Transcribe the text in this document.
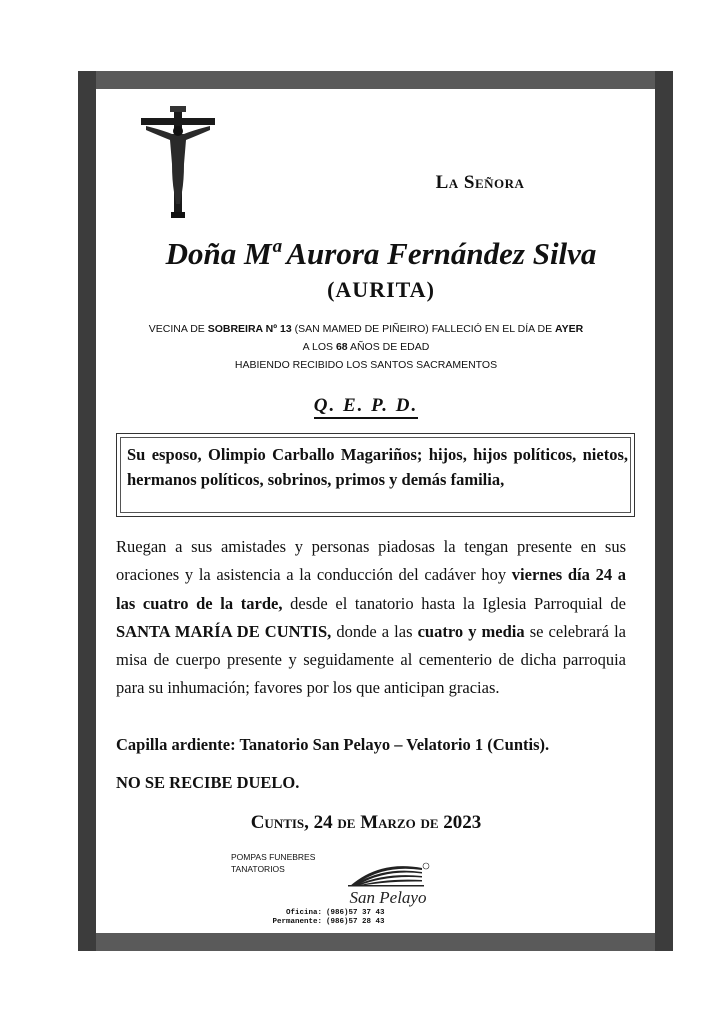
La Señora
Doña Mª Aurora Fernández Silva
(AURITA)
VECINA DE SOBREIRA Nº 13 (SAN MAMED DE PIÑEIRO) FALLECIÓ EN EL DÍA DE AYER
A LOS 68 AÑOS DE EDAD
HABIENDO RECIBIDO LOS SANTOS SACRAMENTOS
Q. E. P. D.
Su esposo, Olimpio Carballo Magariños; hijos, hijos políticos, nietos, hermanos políticos, sobrinos, primos y demás familia,
Ruegan a sus amistades y personas piadosas la tengan presente en sus oraciones y la asistencia a la conducción del cadáver hoy viernes día 24 a las cuatro de la tarde, desde el tanatorio hasta la Iglesia Parroquial de SANTA MARÍA DE CUNTIS, donde a las cuatro y media se celebrará la misa de cuerpo presente y seguidamente al cementerio de dicha parroquia para su inhumación; favores por los que anticipan gracias.
Capilla ardiente: Tanatorio San Pelayo – Velatorio 1 (Cuntis).
NO SE RECIBE DUELO.
Cuntis, 24 de Marzo de 2023
POMPAS FUNEBRES
TANATORIOS
San Pelayo
Oficina: (986)57 37 43
Permanente: (986)57 28 43
